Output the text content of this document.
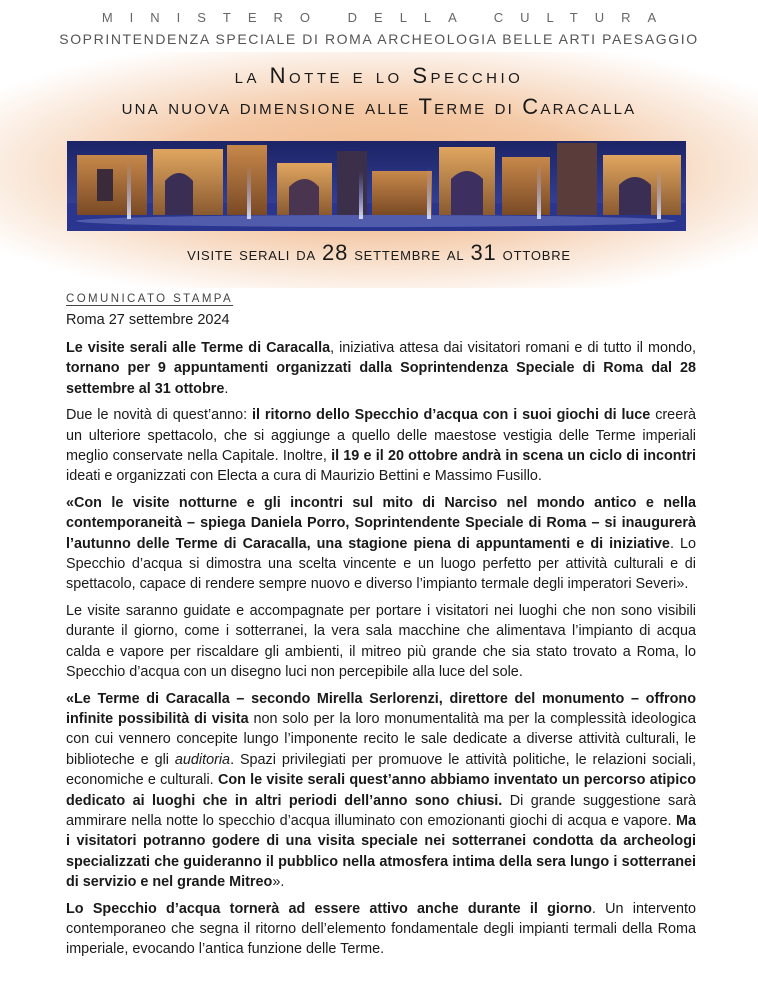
MINISTERO DELLA CULTURA
SOPRINTENDENZA SPECIALE DI ROMA ARCHEOLOGIA BELLE ARTI PAESAGGIO
la Notte e lo Specchio
una nuova dimensione alle Terme di Caracalla
visite serali da 28 settembre al 31 ottobre
COMUNICATO STAMPA
Roma 27 settembre 2024

Le visite serali alle Terme di Caracalla, iniziativa attesa dai visitatori romani e di tutto il mondo, tornano per 9 appuntamenti organizzati dalla Soprintendenza Speciale di Roma dal 28 settembre al 31 ottobre.

Due le novità di quest’anno: il ritorno dello Specchio d’acqua con i suoi giochi di luce creerà un ulteriore spettacolo, che si aggiunge a quello delle maestose vestigia delle Terme imperiali meglio conservate nella Capitale. Inoltre, il 19 e il 20 ottobre andrà in scena un ciclo di incontri ideati e organizzati con Electa a cura di Maurizio Bettini e Massimo Fusillo.

«Con le visite notturne e gli incontri sul mito di Narciso nel mondo antico e nella contemporaneità – spiega Daniela Porro, Soprintendente Speciale di Roma – si inaugurerà l’autunno delle Terme di Caracalla, una stagione piena di appuntamenti e di iniziative. Lo Specchio d’acqua si dimostra una scelta vincente e un luogo perfetto per attività culturali e di spettacolo, capace di rendere sempre nuovo e diverso l’impianto termale degli imperatori Severi».

Le visite saranno guidate e accompagnate per portare i visitatori nei luoghi che non sono visibili durante il giorno, come i sotterranei, la vera sala macchine che alimentava l’impianto di acqua calda e vapore per riscaldare gli ambienti, il mitreo più grande che sia stato trovato a Roma, lo Specchio d’acqua con un disegno luci non percepibile alla luce del sole.

«Le Terme di Caracalla – secondo Mirella Serlorenzi, direttore del monumento – offrono infinite possibilità di visita non solo per la loro monumentalità ma per la complessità ideologica con cui vennero concepite lungo l’imponente recito le sale dedicate a diverse attività culturali, le biblioteche e gli auditoria. Spazi privilegiati per promuove le attività politiche, le relazioni sociali, economiche e culturali. Con le visite serali quest’anno abbiamo inventato un percorso atipico dedicato ai luoghi che in altri periodi dell’anno sono chiusi. Di grande suggestione sarà ammirare nella notte lo specchio d’acqua illuminato con emozionanti giochi di acqua e vapore. Ma i visitatori potranno godere di una visita speciale nei sotterranei condotta da archeologi specializzati che guideranno il pubblico nella atmosfera intima della sera lungo i sotterranei di servizio e nel grande Mitreo».

Lo Specchio d’acqua tornerà ad essere attivo anche durante il giorno. Un intervento contemporaneo che segna il ritorno dell’elemento fondamentale degli impianti termali della Roma imperiale, evocando l’antica funzione delle Terme.
